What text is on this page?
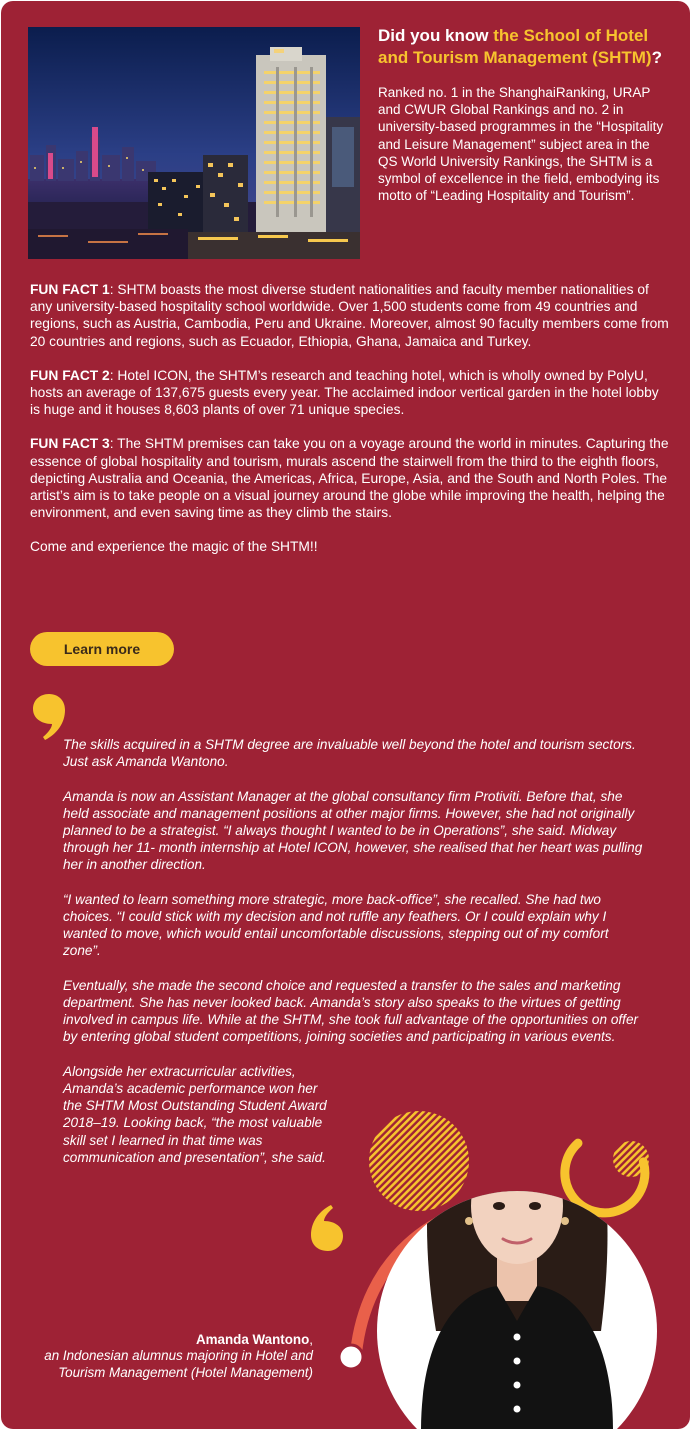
Did you know the School of Hotel and Tourism Management (SHTM)?

Ranked no. 1 in the ShanghaiRanking, URAP and CWUR Global Rankings and no. 2 in university-based programmes in the “Hospitality and Leisure Management” subject area in the QS World University Rankings, the SHTM is a symbol of excellence in the field, embodying its motto of “Leading Hospitality and Tourism”.

FUN FACT 1: SHTM boasts the most diverse student nationalities and faculty member nationalities of any university-based hospitality school worldwide. Over 1,500 students come from 49 countries and regions, such as Austria, Cambodia, Peru and Ukraine. Moreover, almost 90 faculty members come from 20 countries and regions, such as Ecuador, Ethiopia, Ghana, Jamaica and Turkey.

FUN FACT 2: Hotel ICON, the SHTM’s research and teaching hotel, which is wholly owned by PolyU, hosts an average of 137,675 guests every year. The acclaimed indoor vertical garden in the hotel lobby is huge and it houses 8,603 plants of over 71 unique species.

FUN FACT 3: The SHTM premises can take you on a voyage around the world in minutes. Capturing the essence of global hospitality and tourism, murals ascend the stairwell from the third to the eighth floors, depicting Australia and Oceania, the Americas, Africa, Europe, Asia, and the South and North Poles. The artist’s aim is to take people on a visual journey around the globe while improving the health, helping the environment, and even saving time as they climb the stairs.

Come and experience the magic of the SHTM!!

Learn more

The skills acquired in a SHTM degree are invaluable well beyond the hotel and tourism sectors. Just ask Amanda Wantono.

Amanda is now an Assistant Manager at the global consultancy firm Protiviti. Before that, she held associate and management positions at other major firms. However, she had not originally planned to be a strategist. “I always thought I wanted to be in Operations”, she said. Midway through her 11- month internship at Hotel ICON, however, she realised that her heart was pulling her in another direction.

“I wanted to learn something more strategic, more back-office”, she recalled. She had two choices. “I could stick with my decision and not ruffle any feathers. Or I could explain why I wanted to move, which would entail uncomfortable discussions, stepping out of my comfort zone”.

Eventually, she made the second choice and requested a transfer to the sales and marketing department. She has never looked back. Amanda’s story also speaks to the virtues of getting involved in campus life. While at the SHTM, she took full advantage of the opportunities on offer by entering global student competitions, joining societies and participating in various events.

Alongside her extracurricular activities, Amanda’s academic performance won her the SHTM Most Outstanding Student Award 2018–19. Looking back, “the most valuable skill set I learned in that time was communication and presentation”, she said.

Amanda Wantono,
an Indonesian alumnus majoring in Hotel and Tourism Management (Hotel Management)
